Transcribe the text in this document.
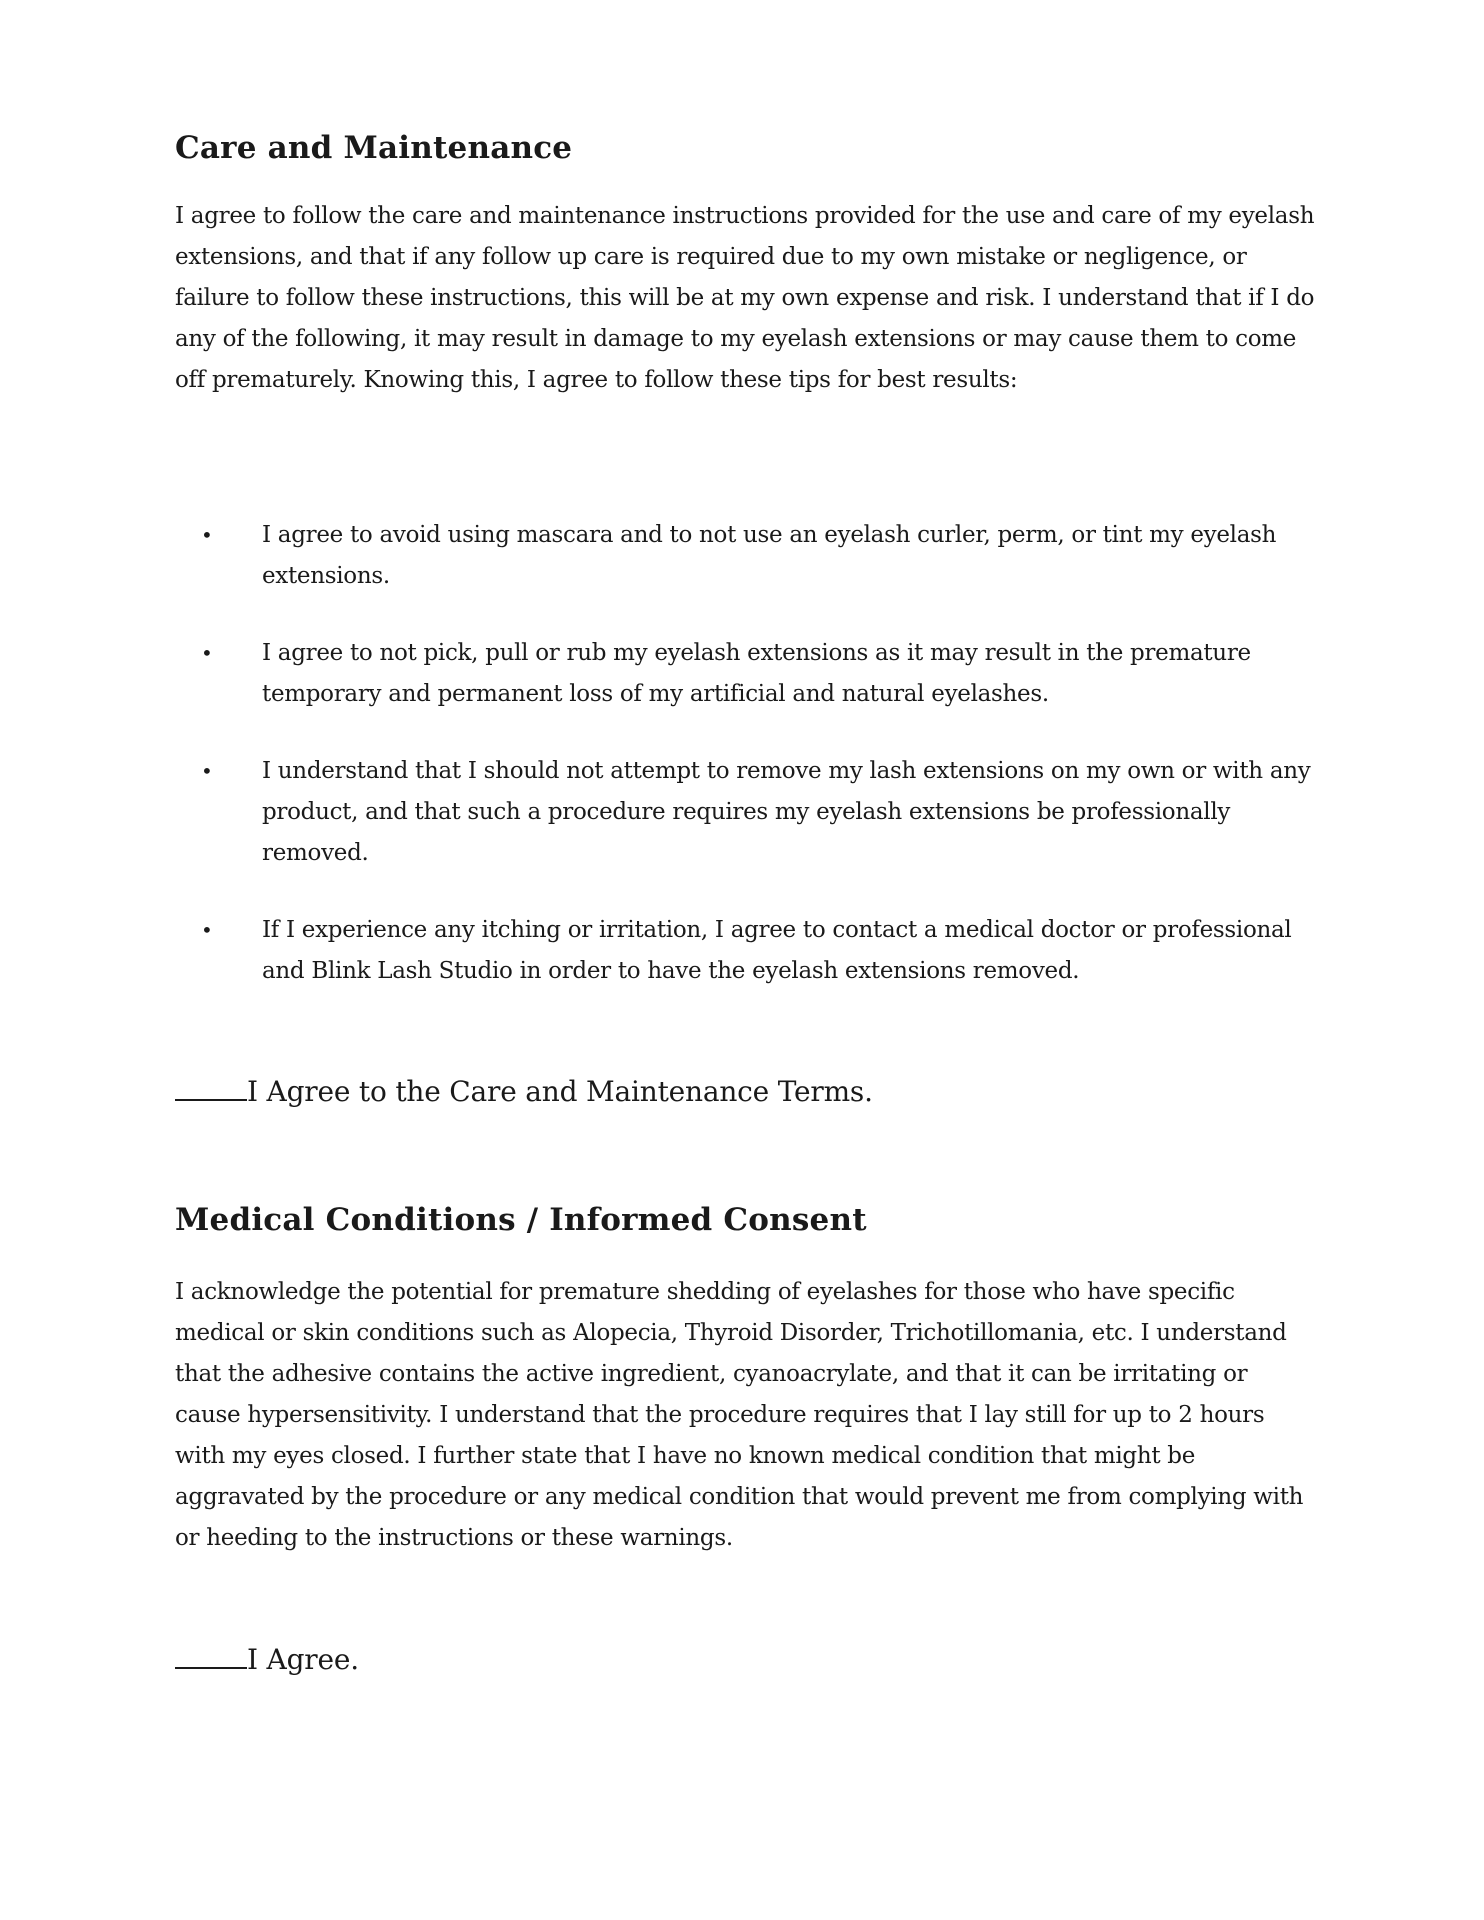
Care and Maintenance

I agree to follow the care and maintenance instructions provided for the use and care of my eyelash extensions, and that if any follow up care is required due to my own mistake or negligence, or failure to follow these instructions, this will be at my own expense and risk. I understand that if I do any of the following, it may result in damage to my eyelash extensions or may cause them to come off prematurely. Knowing this, I agree to follow these tips for best results:

• I agree to avoid using mascara and to not use an eyelash curler, perm, or tint my eyelash extensions.
• I agree to not pick, pull or rub my eyelash extensions as it may result in the premature temporary and permanent loss of my artificial and natural eyelashes.
• I understand that I should not attempt to remove my lash extensions on my own or with any product, and that such a procedure requires my eyelash extensions be professionally removed.
• If I experience any itching or irritation, I agree to contact a medical doctor or professional and Blink Lash Studio in order to have the eyelash extensions removed.

I Agree to the Care and Maintenance Terms.

Medical Conditions / Informed Consent

I acknowledge the potential for premature shedding of eyelashes for those who have specific medical or skin conditions such as Alopecia, Thyroid Disorder, Trichotillomania, etc. I understand that the adhesive contains the active ingredient, cyanoacrylate, and that it can be irritating or cause hypersensitivity. I understand that the procedure requires that I lay still for up to 2 hours with my eyes closed. I further state that I have no known medical condition that might be aggravated by the procedure or any medical condition that would prevent me from complying with or heeding to the instructions or these warnings.

I Agree.
